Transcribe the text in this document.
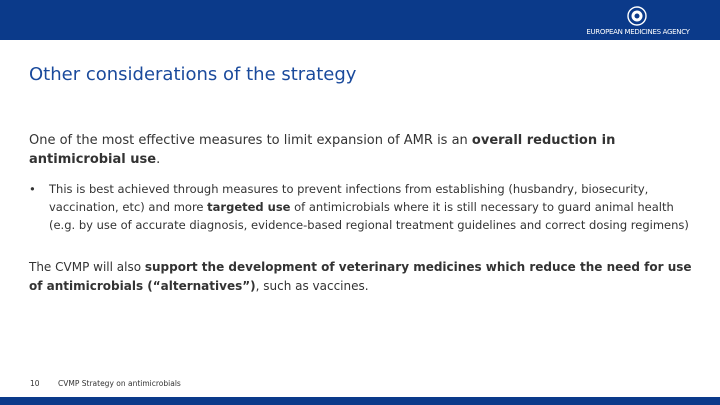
EUROPEAN MEDICINES AGENCY
Other considerations of the strategy

One of the most effective measures to limit expansion of AMR is an overall reduction in antimicrobial use.

• This is best achieved through measures to prevent infections from establishing (husbandry, biosecurity, vaccination, etc) and more targeted use of antimicrobials where it is still necessary to guard animal health (e.g. by use of accurate diagnosis, evidence-based regional treatment guidelines and correct dosing regimens)

The CVMP will also support the development of veterinary medicines which reduce the need for use of antimicrobials (“alternatives”), such as vaccines.

10 CVMP Strategy on antimicrobials
